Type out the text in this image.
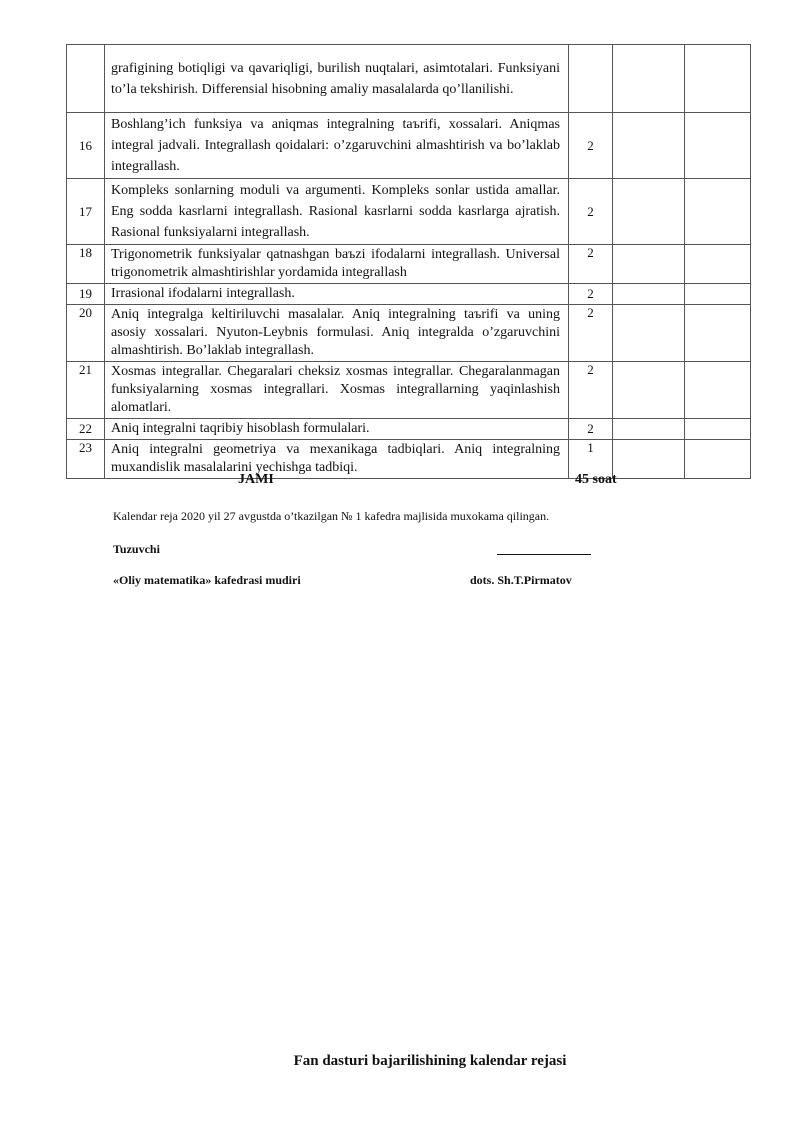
	grafigining botiqligi va qavariqligi, burilish nuqtalari, asimtotalari. Funksiyani to’la tekshirish. Differensial hisobning amaliy masalalarda qo’llanilishi.			
16	Boshlang’ich funksiya va aniqmas integralning taъrifi, xossalari. Aniqmas integral jadvali. Integrallash qoidalari: o’zgaruvchini almashtirish va bo’laklab integrallash.	2		
17	Kompleks sonlarning moduli va argumenti. Kompleks sonlar ustida amallar. Eng sodda kasrlarni integrallash. Rasional kasrlarni sodda kasrlarga ajratish. Rasional funksiyalarni integrallash.	2		
18	Trigonometrik funksiyalar qatnashgan baъzi ifodalarni integrallash. Universal trigonometrik almashtirishlar yordamida integrallash	2		
19	Irrasional ifodalarni integrallash.	2		
20	Aniq integralga keltiriluvchi masalalar. Aniq integralning taъrifi va uning asosiy xossalari. Nyuton-Leybnis formulasi. Aniq integralda o’zgaruvchini almashtirish. Bo’laklab integrallash.	2		
21	Xosmas integrallar. Chegaralari cheksiz xosmas integrallar. Chegaralanmagan funksiyalarning xosmas integrallari. Xosmas integrallarning yaqinlashish alomatlari.	2		
22	Aniq integralni taqribiy hisoblash formulalari.	2		
23	Aniq integralni geometriya va mexanikaga tadbiqlari. Aniq integralning muxandislik masalalarini yechishga tadbiqi.	1		
JAMI	45 soat
Kalendar reja 2020 yil 27 avgustda o’tkazilgan № 1 kafedra majlisida muxokama qilingan.
Tuzuvchi
«Oliy matematika» kafedrasi mudiri	dots. Sh.T.Pirmatov
Fan dasturi bajarilishining kalendar rejasi
